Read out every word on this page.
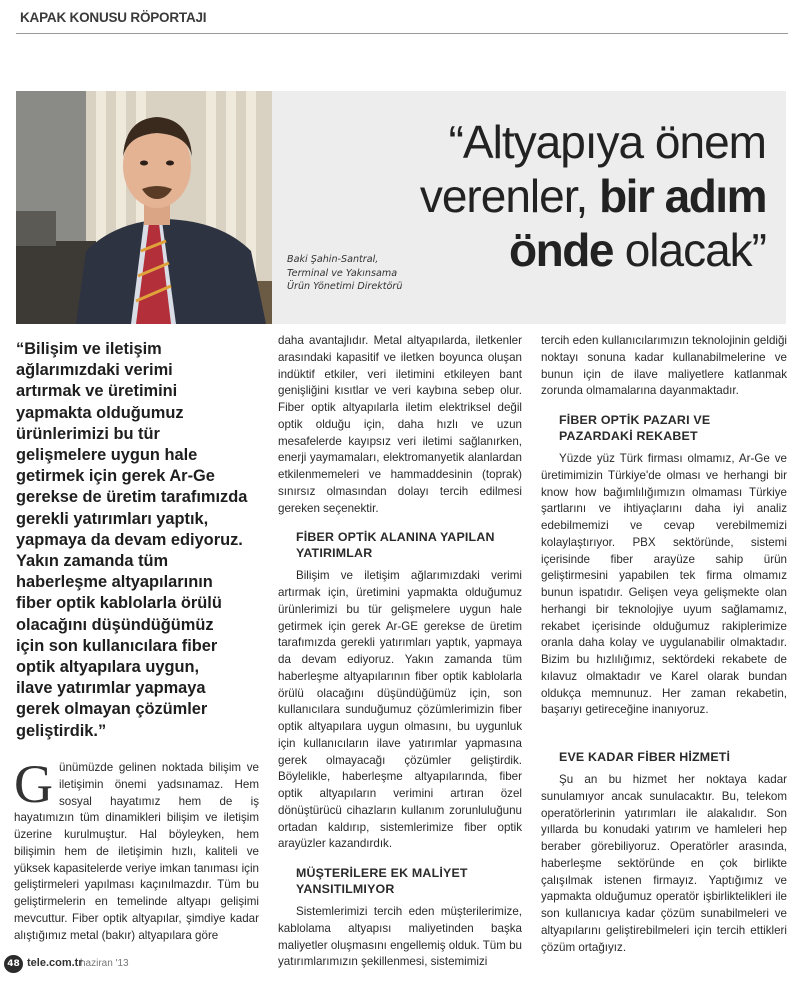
KAPAK KONUSU RÖPORTAJI
“Altyapıya önem
verenler, bir adım
önde olacak”
Baki Şahin-Santral,
Terminal ve Yakınsama
Ürün Yönetimi Direktörü
“Bilişim ve iletişim
ağlarımızdaki verimi
artırmak ve üretimini
yapmakta olduğumuz
ürünlerimizi bu tür
gelişmelere uygun hale
getirmek için gerek Ar-Ge
gerekse de üretim tarafımızda
gerekli yatırımları yaptık,
yapmaya da devam ediyoruz.
Yakın zamanda tüm
haberleşme altyapılarının
fiber optik kablolarla örülü
olacağını düşündüğümüz
için son kullanıcılara fiber
optik altyapılara uygun,
ilave yatırımlar yapmaya
gerek olmayan çözümler
geliştirdik.”

Günümüzde gelinen noktada bilişim ve iletişimin önemi yadsınamaz. Hem sosyal hayatımız hem de iş hayatımızın tüm dinamikleri bilişim ve iletişim üzerine kurulmuştur. Hal böyleyken, hem bilişimin hem de iletişimin hızlı, kaliteli ve yüksek kapasitelerde veriye imkan tanıması için geliştirmeleri yapılması kaçınılmazdır. Tüm bu geliştirmelerin en temelinde altyapı gelişimi mevcuttur. Fiber optik altyapılar, şimdiye kadar alıştığımız metal (bakır) altyapılara göre

daha avantajlıdır. Metal altyapılarda, iletkenler arasındaki kapasitif ve iletken boyunca oluşan indüktif etkiler, veri iletimini etkileyen bant genişliğini kısıtlar ve veri kaybına sebep olur. Fiber optik altyapılarla iletim elektriksel değil optik olduğu için, daha hızlı ve uzun mesafelerde kayıpsız veri iletimi sağlanırken, enerji yaymamaları, elektromanyetik alanlardan etkilenmemeleri ve hammaddesinin (toprak) sınırsız olmasından dolayı tercih edilmesi gereken seçenektir.

FİBER OPTİK ALANINA YAPILAN YATIRIMLAR

Bilişim ve iletişim ağlarımızdaki verimi artırmak için, üretimini yapmakta olduğumuz ürünlerimizi bu tür gelişmelere uygun hale getirmek için gerek Ar-GE gerekse de üretim tarafımızda gerekli yatırımları yaptık, yapmaya da devam ediyoruz. Yakın zamanda tüm haberleşme altyapılarının fiber optik kablolarla örülü olacağını düşündüğümüz için, son kullanıcılara sunduğumuz çözümlerimizin fiber optik altyapılara uygun olmasını, bu uygunluk için kullanıcıların ilave yatırımlar yapmasına gerek olmayacağı çözümler geliştirdik. Böylelikle, haberleşme altyapılarında, fiber optik altyapıların verimini artıran özel dönüştürücü cihazların kullanım zorunluluğunu ortadan kaldırıp, sistemlerimize fiber optik arayüzler kazandırdık.

MÜŞTERİLERE EK MALİYET YANSITILMIYOR

Sistemlerimizi tercih eden müşterilerimize, kablolama altyapısı maliyetinden başka maliyetler oluşmasını engellemiş olduk. Tüm bu yatırımlarımızın şekillenmesi, sistemimizi

tercih eden kullanıcılarımızın teknolojinin geldiği noktayı sonuna kadar kullanabilmelerine ve bunun için de ilave maliyetlere katlanmak zorunda olmamalarına dayanmaktadır.

FİBER OPTİK PAZARI VE PAZARDAKİ REKABET

Yüzde yüz Türk firması olmamız, Ar-Ge ve üretimimizin Türkiye'de olması ve herhangi bir know how bağımlılığımızın olmaması Türkiye şartlarını ve ihtiyaçlarını daha iyi analiz edebilmemizi ve cevap verebilmemizi kolaylaştırıyor. PBX sektöründe, sistemi içerisinde fiber arayüze sahip ürün geliştirmesini yapabilen tek firma olmamız bunun ispatıdır. Gelişen veya gelişmekte olan herhangi bir teknolojiye uyum sağlamamız, rekabet içerisinde olduğumuz rakiplerimize oranla daha kolay ve uygulanabilir olmaktadır. Bizim bu hızlılığımız, sektördeki rekabete de kılavuz olmaktadır ve Karel olarak bundan oldukça memnunuz. Her zaman rekabetin, başarıyı getireceğine inanıyoruz.

EVE KADAR FİBER HİZMETİ

Şu an bu hizmet her noktaya kadar sunulamıyor ancak sunulacaktır. Bu, telekom operatörlerinin yatırımları ile alakalıdır. Son yıllarda bu konudaki yatırım ve hamleleri hep beraber görebiliyoruz. Operatörler arasında, haberleşme sektöründe en çok birlikte çalışılmak istenen firmayız. Yaptığımız ve yapmakta olduğumuz operatör işbirliktelikleri ile son kullanıcıya kadar çözüm sunabilmeleri ve altyapılarını geliştirebilmeleri için tercih ettikleri çözüm ortağıyız.

48 tele.com.tr
haziran '13
